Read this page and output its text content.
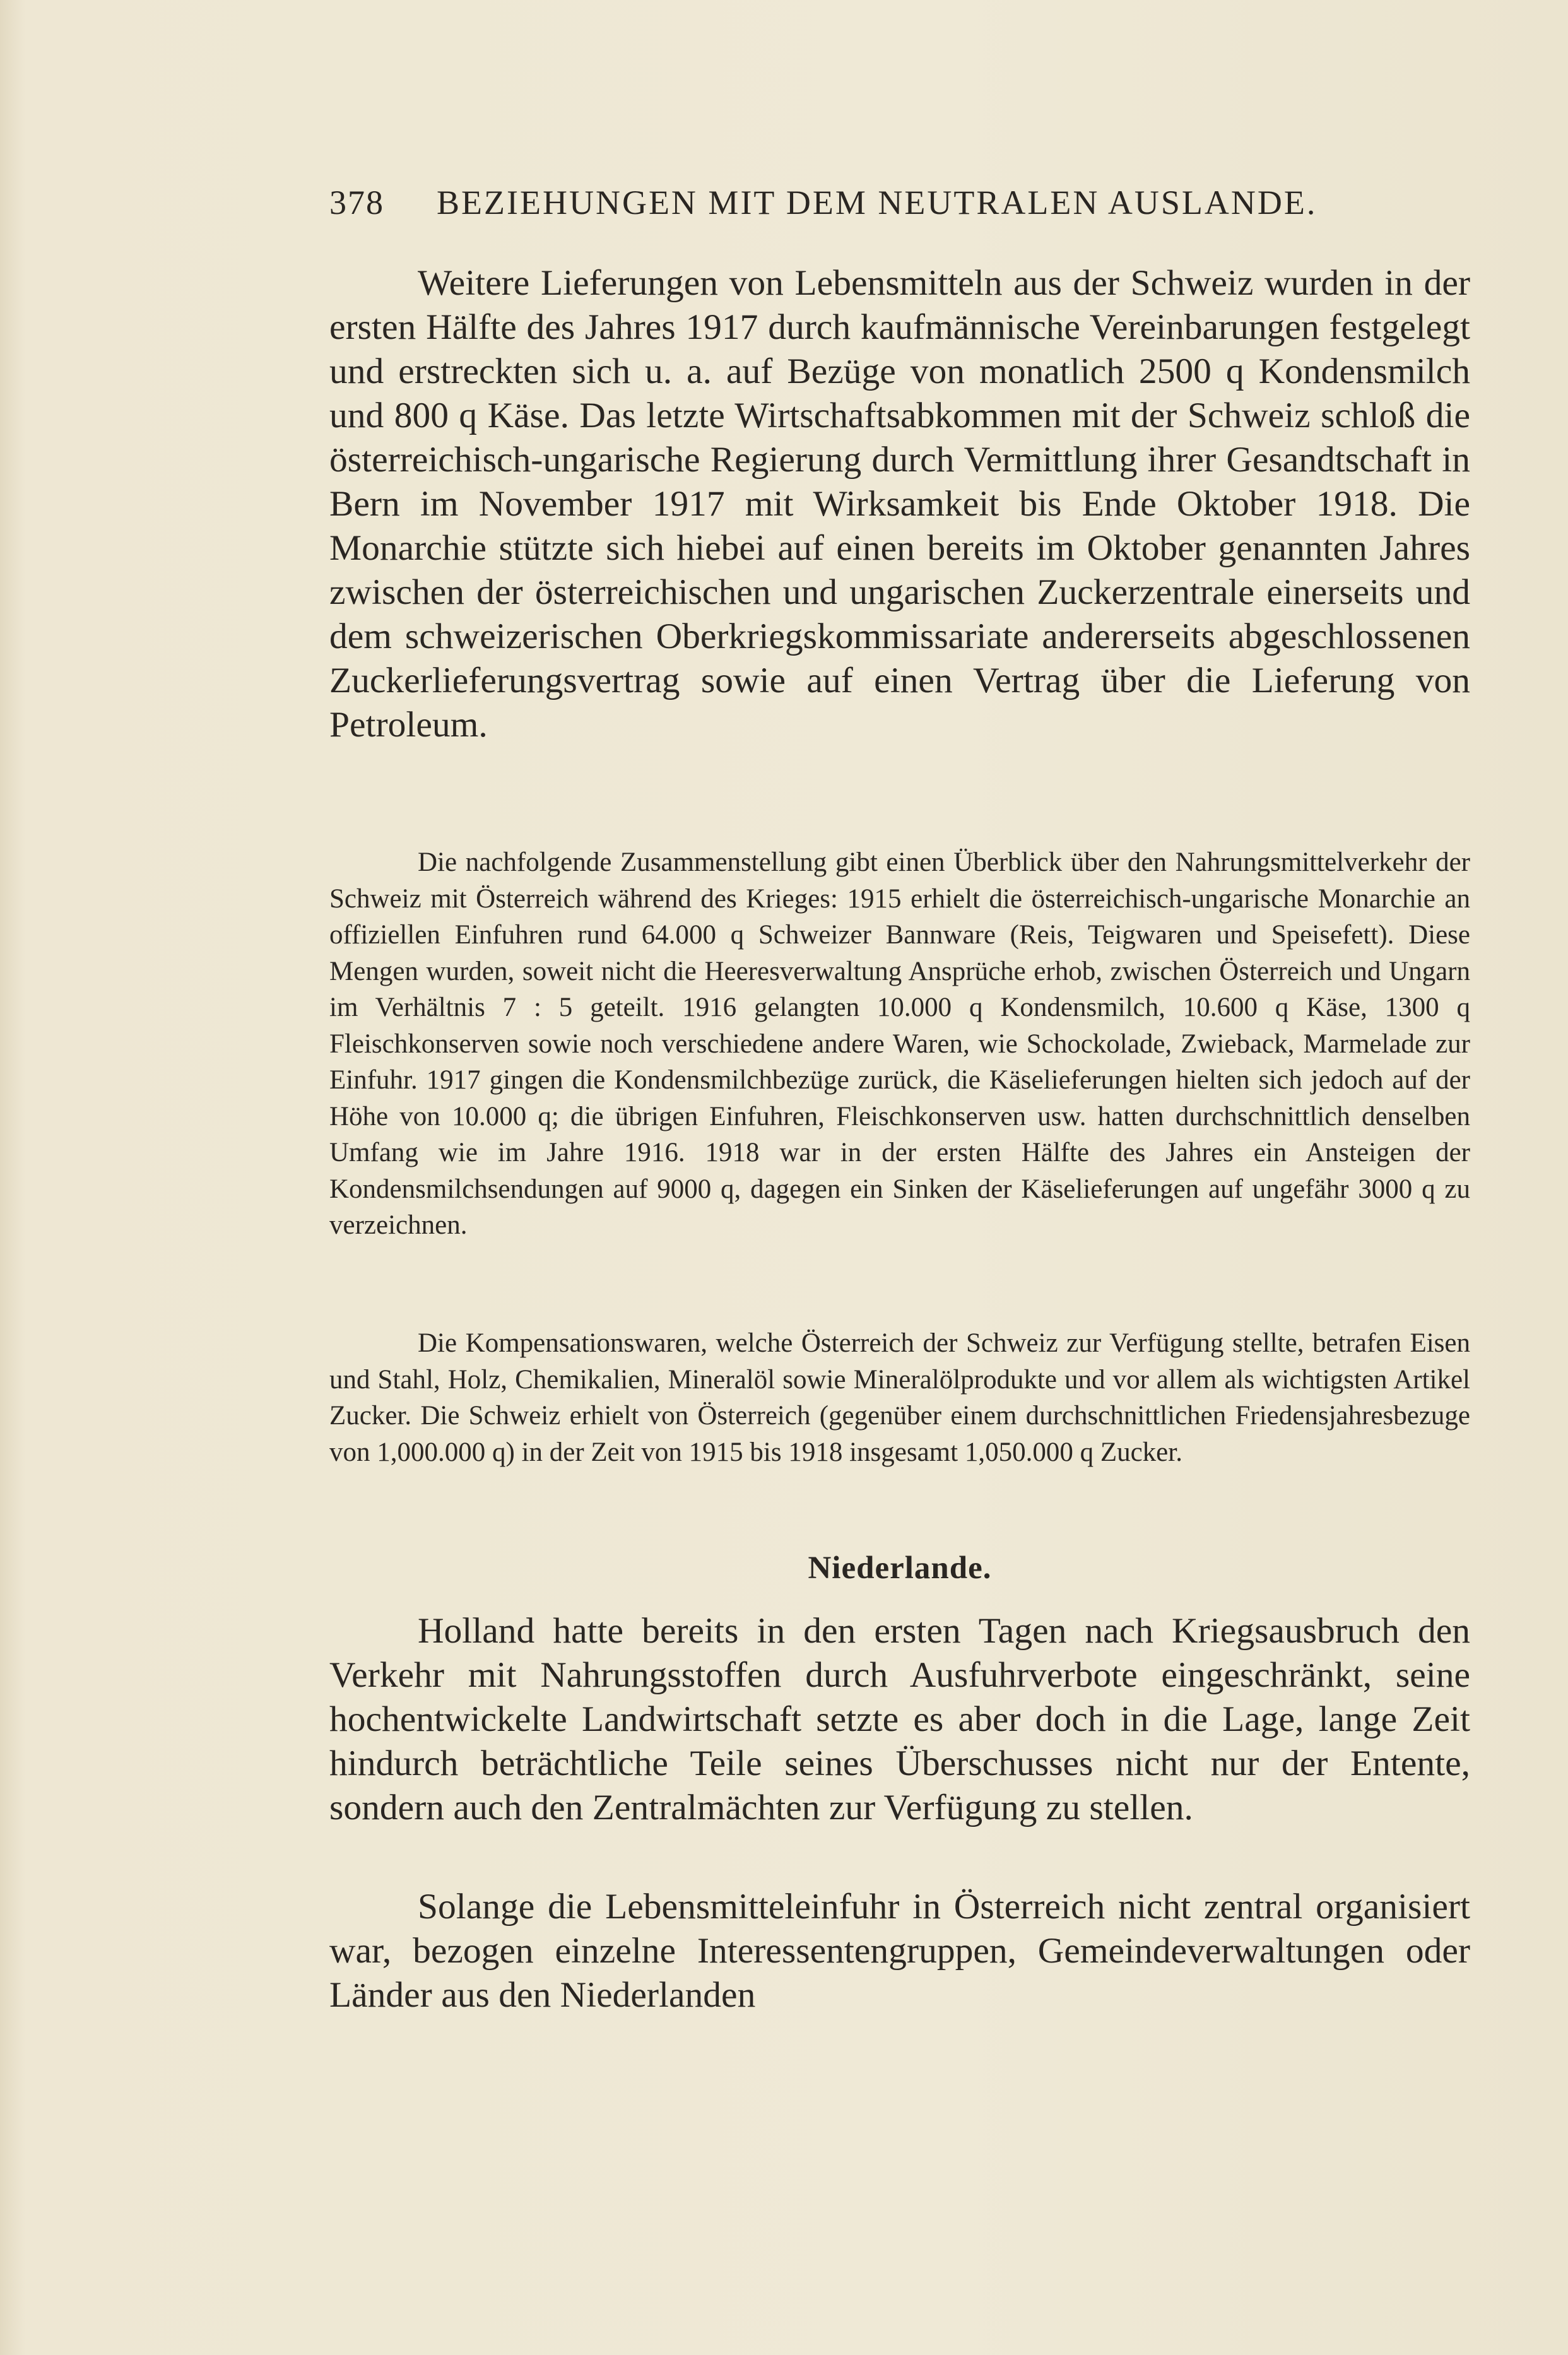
378 BEZIEHUNGEN MIT DEM NEUTRALEN AUSLANDE.

Weitere Lieferungen von Lebensmitteln aus der Schweiz wurden in der ersten Hälfte des Jahres 1917 durch kaufmännische Vereinbarungen festgelegt und erstreckten sich u. a. auf Bezüge von monatlich 2500 q Kondensmilch und 800 q Käse. Das letzte Wirtschaftsabkommen mit der Schweiz schloß die österreichisch-ungarische Regierung durch Vermittlung ihrer Gesandtschaft in Bern im November 1917 mit Wirksamkeit bis Ende Oktober 1918. Die Monarchie stützte sich hiebei auf einen bereits im Oktober genannten Jahres zwischen der österreichischen und ungarischen Zuckerzentrale einerseits und dem schweizerischen Oberkriegskommissariate andererseits abgeschlossenen Zuckerlieferungsvertrag sowie auf einen Vertrag über die Lieferung von Petroleum.

Die nachfolgende Zusammenstellung gibt einen Überblick über den Nahrungsmittelverkehr der Schweiz mit Österreich während des Krieges: 1915 erhielt die österreichisch-ungarische Monarchie an offiziellen Einfuhren rund 64.000 q Schweizer Bannware (Reis, Teigwaren und Speisefett). Diese Mengen wurden, soweit nicht die Heeresverwaltung Ansprüche erhob, zwischen Österreich und Ungarn im Verhältnis 7 : 5 geteilt. 1916 gelangten 10.000 q Kondensmilch, 10.600 q Käse, 1300 q Fleischkonserven sowie noch verschiedene andere Waren, wie Schockolade, Zwieback, Marmelade zur Einfuhr. 1917 gingen die Kondensmilchbezüge zurück, die Käselieferungen hielten sich jedoch auf der Höhe von 10.000 q; die übrigen Einfuhren, Fleischkonserven usw. hatten durchschnittlich denselben Umfang wie im Jahre 1916. 1918 war in der ersten Hälfte des Jahres ein Ansteigen der Kondensmilchsendungen auf 9000 q, dagegen ein Sinken der Käselieferungen auf ungefähr 3000 q zu verzeichnen.

Die Kompensationswaren, welche Österreich der Schweiz zur Verfügung stellte, betrafen Eisen und Stahl, Holz, Chemikalien, Mineralöl sowie Mineralölprodukte und vor allem als wichtigsten Artikel Zucker. Die Schweiz erhielt von Österreich (gegenüber einem durchschnittlichen Friedensjahresbezuge von 1,000.000 q) in der Zeit von 1915 bis 1918 insgesamt 1,050.000 q Zucker.

Niederlande.

Holland hatte bereits in den ersten Tagen nach Kriegsausbruch den Verkehr mit Nahrungsstoffen durch Ausfuhrverbote eingeschränkt, seine hochentwickelte Landwirtschaft setzte es aber doch in die Lage, lange Zeit hindurch beträchtliche Teile seines Überschusses nicht nur der Entente, sondern auch den Zentralmächten zur Verfügung zu stellen.

Solange die Lebensmitteleinfuhr in Österreich nicht zentral organisiert war, bezogen einzelne Interessentengruppen, Gemeindeverwaltungen oder Länder aus den Niederlanden
